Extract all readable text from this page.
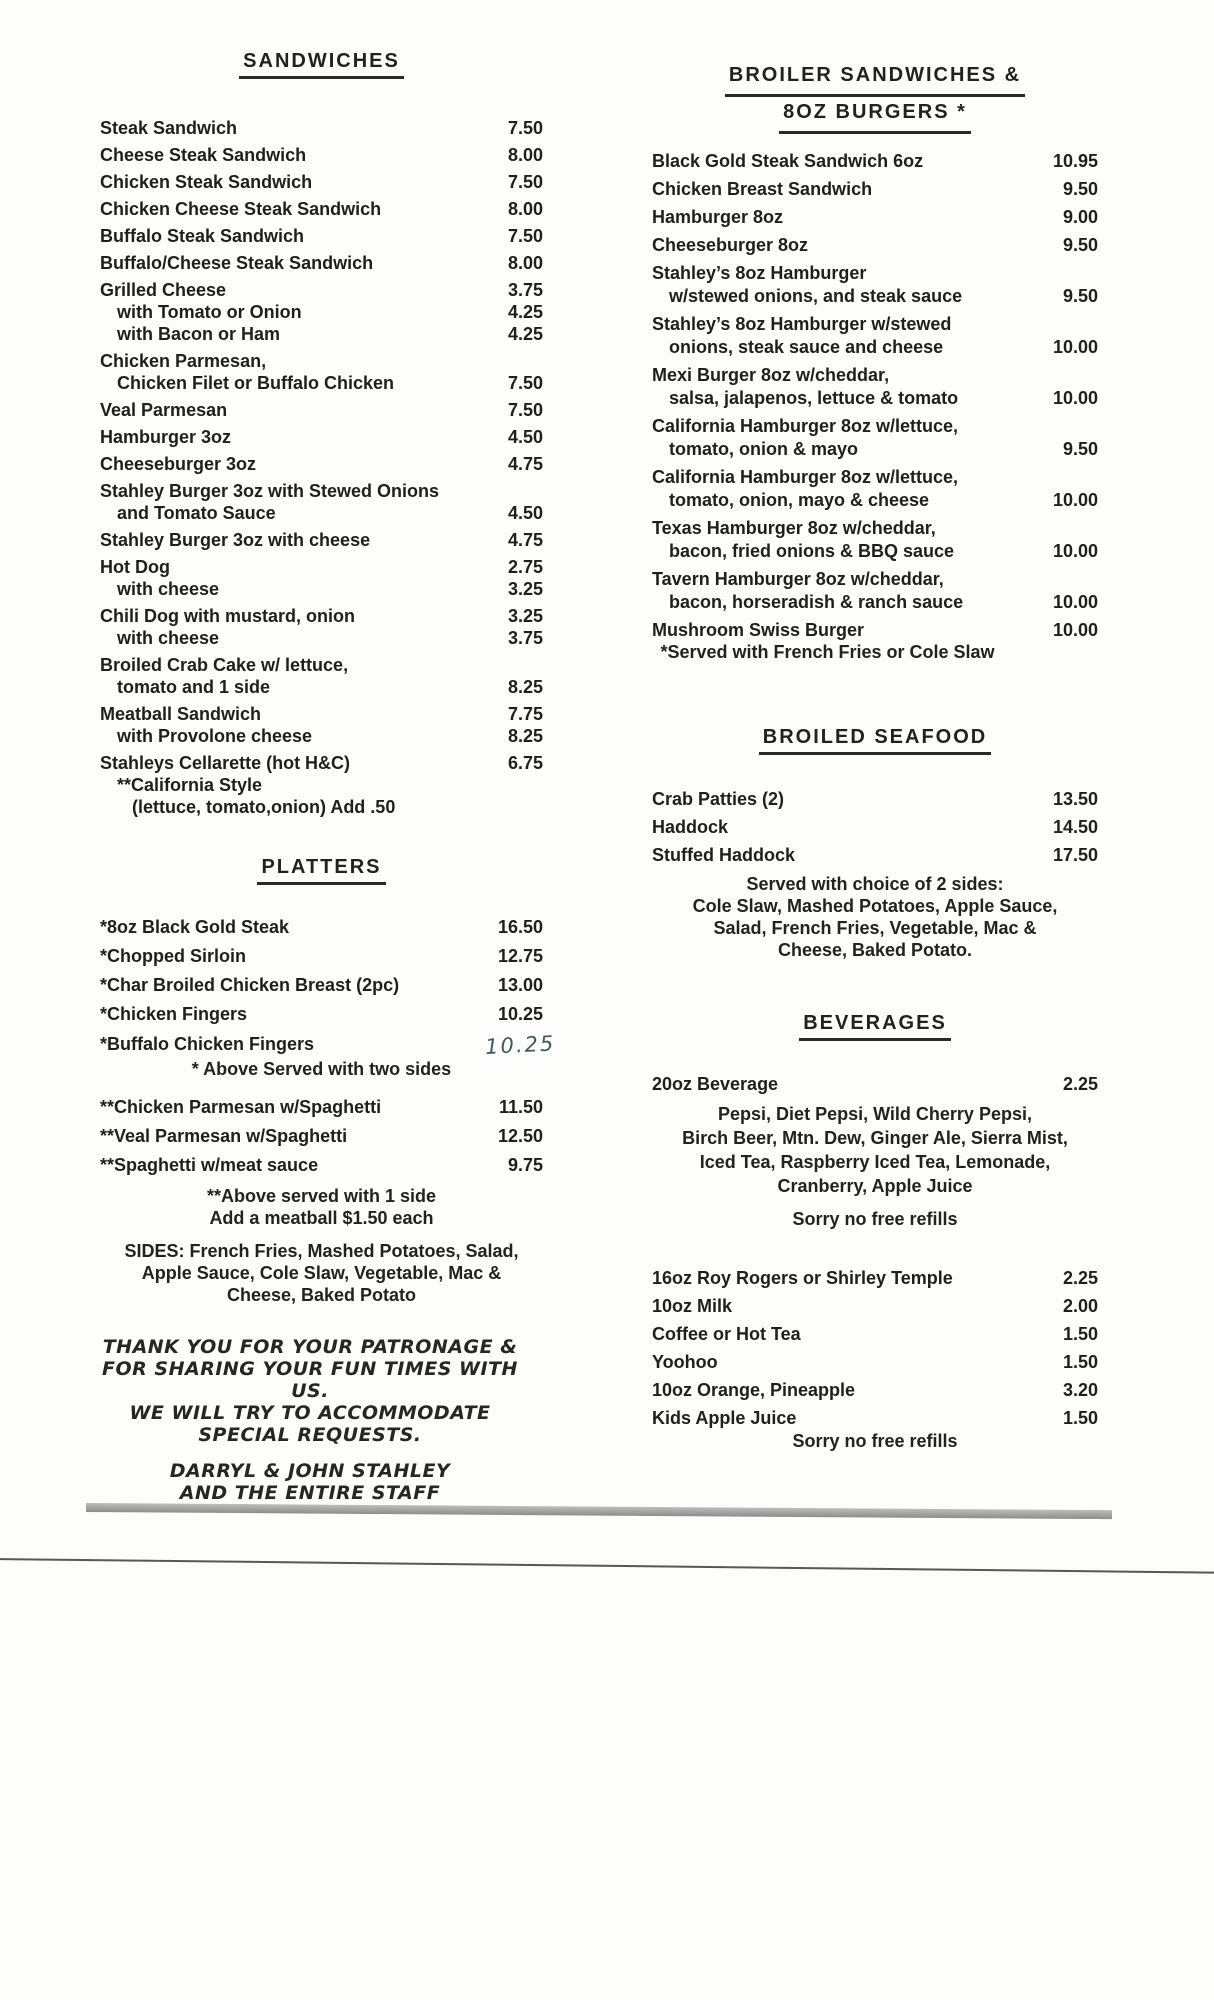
SANDWICHES
Steak Sandwich	7.50
Cheese Steak Sandwich	8.00
Chicken Steak Sandwich	7.50
Chicken Cheese Steak Sandwich	8.00
Buffalo Steak Sandwich	7.50
Buffalo/Cheese Steak Sandwich	8.00
Grilled Cheese	3.75
with Tomato or Onion	4.25
with Bacon or Ham	4.25
Chicken Parmesan,
Chicken Filet or Buffalo Chicken	7.50
Veal Parmesan	7.50
Hamburger 3oz	4.50
Cheeseburger 3oz	4.75
Stahley Burger 3oz with Stewed Onions
and Tomato Sauce	4.50
Stahley Burger 3oz with cheese	4.75
Hot Dog	2.75
with cheese	3.25
Chili Dog with mustard, onion	3.25
with cheese	3.75
Broiled Crab Cake w/ lettuce,
tomato and 1 side	8.25
Meatball Sandwich	7.75
with Provolone cheese	8.25
Stahleys Cellarette (hot H&C)	6.75
**California Style
(lettuce, tomato,onion) Add .50
PLATTERS
*8oz Black Gold Steak	16.50
*Chopped Sirloin	12.75
*Char Broiled Chicken Breast (2pc)	13.00
*Chicken Fingers	10.25
*Buffalo Chicken Fingers	10.25
* Above Served with two sides
**Chicken Parmesan w/Spaghetti	11.50
**Veal Parmesan w/Spaghetti	12.50
**Spaghetti w/meat sauce	9.75
**Above served with 1 side
Add a meatball $1.50 each
SIDES: French Fries, Mashed Potatoes, Salad,
Apple Sauce, Cole Slaw, Vegetable, Mac &
Cheese, Baked Potato
THANK YOU FOR YOUR PATRONAGE &
FOR SHARING YOUR FUN TIMES WITH US.
WE WILL TRY TO ACCOMMODATE
SPECIAL REQUESTS.
DARRYL & JOHN STAHLEY
AND THE ENTIRE STAFF
BROILER SANDWICHES &
8OZ BURGERS *
Black Gold Steak Sandwich 6oz	10.95
Chicken Breast Sandwich	9.50
Hamburger 8oz	9.00
Cheeseburger 8oz	9.50
Stahley’s 8oz Hamburger
w/stewed onions, and steak sauce	9.50
Stahley’s 8oz Hamburger w/stewed
onions, steak sauce and cheese	10.00
Mexi Burger 8oz w/cheddar,
salsa, jalapenos, lettuce & tomato	10.00
California Hamburger 8oz w/lettuce,
tomato, onion & mayo	9.50
California Hamburger 8oz w/lettuce,
tomato, onion, mayo & cheese	10.00
Texas Hamburger 8oz w/cheddar,
bacon, fried onions & BBQ sauce	10.00
Tavern Hamburger 8oz w/cheddar,
bacon, horseradish & ranch sauce	10.00
Mushroom Swiss Burger	10.00
*Served with French Fries or Cole Slaw
BROILED SEAFOOD
Crab Patties (2)	13.50
Haddock	14.50
Stuffed Haddock	17.50
Served with choice of 2 sides:
Cole Slaw, Mashed Potatoes, Apple Sauce,
Salad, French Fries, Vegetable, Mac &
Cheese, Baked Potato.
BEVERAGES
20oz Beverage	2.25
Pepsi, Diet Pepsi, Wild Cherry Pepsi,
Birch Beer, Mtn. Dew, Ginger Ale, Sierra Mist,
Iced Tea, Raspberry Iced Tea, Lemonade,
Cranberry, Apple Juice
Sorry no free refills
16oz Roy Rogers or Shirley Temple	2.25
10oz Milk	2.00
Coffee or Hot Tea	1.50
Yoohoo	1.50
10oz Orange, Pineapple	3.20
Kids Apple Juice	1.50
Sorry no free refills
